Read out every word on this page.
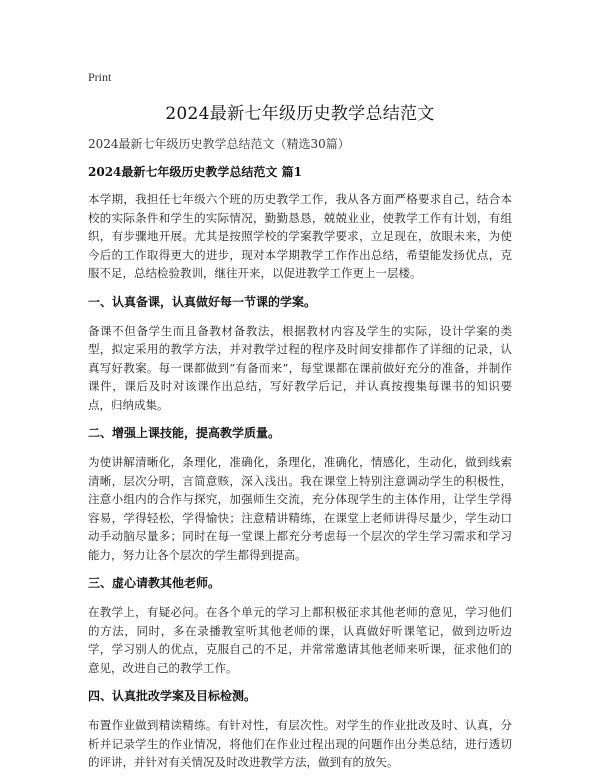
Print
2024最新七年级历史教学总结范文
2024最新七年级历史教学总结范文（精选30篇）
2024最新七年级历史教学总结范文 篇1

本学期，我担任七年级六个班的历史教学工作，我从各方面严格要求自己，结合本校的实际条件和学生的实际情况，勤勤恳恳，兢兢业业，使教学工作有计划，有组织，有步骤地开展。尤其是按照学校的学案教学要求，立足现在，放眼未来，为使今后的工作取得更大的进步，现对本学期教学工作作出总结，希望能发扬优点，克服不足，总结检验教训，继往开来，以促进教学工作更上一层楼。

一、认真备课，认真做好每一节课的学案。

备课不但备学生而且备教材备教法，根据教材内容及学生的实际，设计学案的类型，拟定采用的教学方法，并对教学过程的程序及时间安排都作了详细的记录，认真写好教案。每一课都做到“有备而来”，每堂课都在课前做好充分的准备，并制作课件，课后及时对该课作出总结，写好教学后记，并认真按搜集每课书的知识要点，归纳成集。

二、增强上课技能，提高教学质量。

为使讲解清晰化，条理化，准确化，条理化，准确化，情感化，生动化，做到线索清晰，层次分明，言简意赅，深入浅出。我在课堂上特别注意调动学生的积极性，注意小组内的合作与探究，加强师生交流，充分体现学生的主体作用，让学生学得容易，学得轻松，学得愉快；注意精讲精练，在课堂上老师讲得尽量少，学生动口动手动脑尽量多；同时在每一堂课上都充分考虑每一个层次的学生学习需求和学习能力，努力让各个层次的学生都得到提高。

三、虚心请教其他老师。

在教学上，有疑必问。在各个单元的学习上都积极征求其他老师的意见，学习他们的方法，同时，多在录播教室听其他老师的课，认真做好听课笔记，做到边听边学，学习别人的优点，克服自己的不足，并常常邀请其他老师来听课，征求他们的意见，改进自己的教学工作。

四、认真批改学案及目标检测。

布置作业做到精读精练。有针对性，有层次性。对学生的作业批改及时、认真，分析并记录学生的作业情况，将他们在作业过程出现的问题作出分类总结，进行透切的评讲，并针对有关情况及时改进教学方法，做到有的放矢。
